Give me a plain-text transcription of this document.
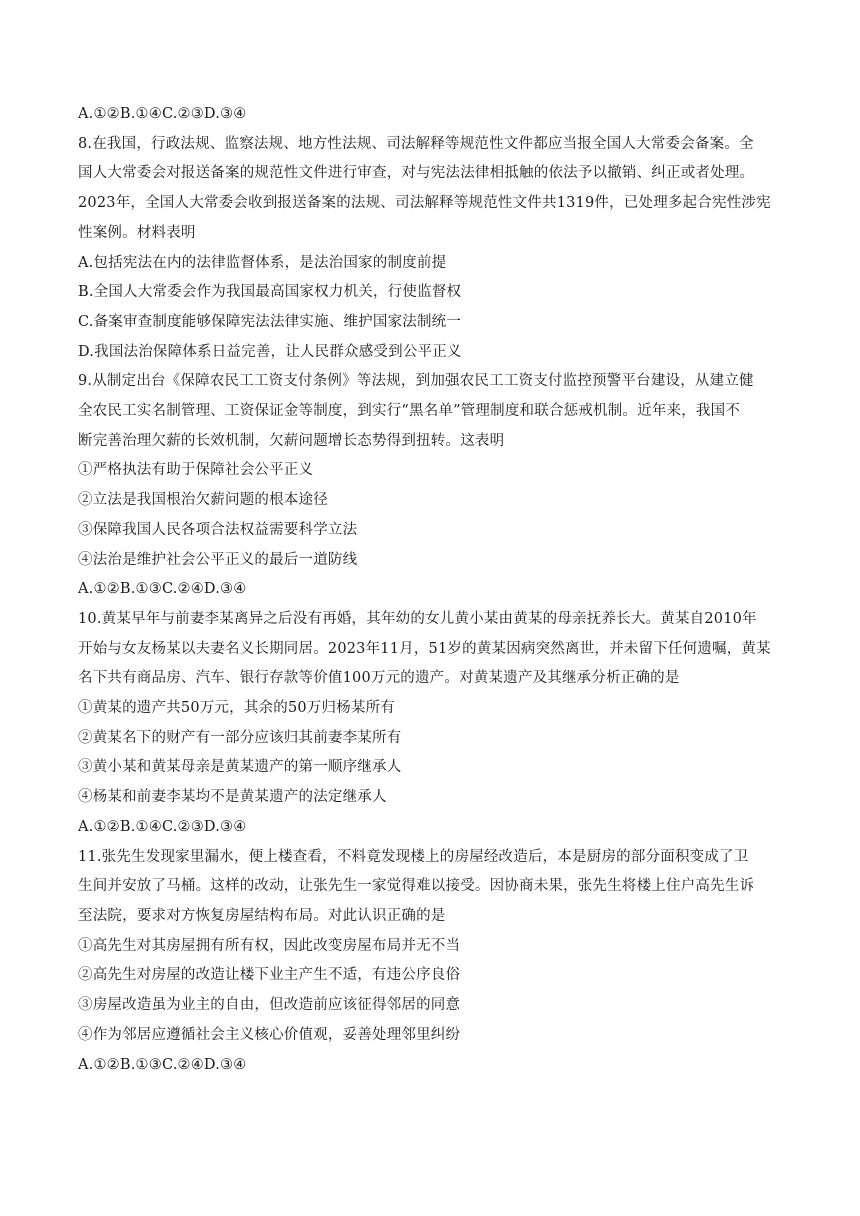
A.①②B.①④C.②③D.③④
8.在我国，行政法规、监察法规、地方性法规、司法解释等规范性文件都应当报全国人大常委会备案。全
国人大常委会对报送备案的规范性文件进行审查，对与宪法法律相抵触的依法予以撤销、纠正或者处理。
2023年，全国人大常委会收到报送备案的法规、司法解释等规范性文件共1319件，已处理多起合宪性涉宪
性案例。材料表明
A.包括宪法在内的法律监督体系，是法治国家的制度前提
B.全国人大常委会作为我国最高国家权力机关，行使监督权
C.备案审查制度能够保障宪法法律实施、维护国家法制统一
D.我国法治保障体系日益完善，让人民群众感受到公平正义
9.从制定出台《保障农民工工资支付条例》等法规，到加强农民工工资支付监控预警平台建设，从建立健
全农民工实名制管理、工资保证金等制度，到实行“黑名单”管理制度和联合惩戒机制。近年来，我国不
断完善治理欠薪的长效机制，欠薪问题增长态势得到扭转。这表明
①严格执法有助于保障社会公平正义
②立法是我国根治欠薪问题的根本途径
③保障我国人民各项合法权益需要科学立法
④法治是维护社会公平正义的最后一道防线
A.①②B.①③C.②④D.③④
10.黄某早年与前妻李某离异之后没有再婚，其年幼的女儿黄小某由黄某的母亲抚养长大。黄某自2010年
开始与女友杨某以夫妻名义长期同居。2023年11月，51岁的黄某因病突然离世，并未留下任何遗嘱，黄某
名下共有商品房、汽车、银行存款等价值100万元的遗产。对黄某遗产及其继承分析正确的是
①黄某的遗产共50万元，其余的50万归杨某所有
②黄某名下的财产有一部分应该归其前妻李某所有
③黄小某和黄某母亲是黄某遗产的第一顺序继承人
④杨某和前妻李某均不是黄某遗产的法定继承人
A.①②B.①④C.②③D.③④
11.张先生发现家里漏水，便上楼查看，不料竟发现楼上的房屋经改造后，本是厨房的部分面积变成了卫
生间并安放了马桶。这样的改动，让张先生一家觉得难以接受。因协商未果，张先生将楼上住户高先生诉
至法院，要求对方恢复房屋结构布局。对此认识正确的是
①高先生对其房屋拥有所有权，因此改变房屋布局并无不当
②高先生对房屋的改造让楼下业主产生不适，有违公序良俗
③房屋改造虽为业主的自由，但改造前应该征得邻居的同意
④作为邻居应遵循社会主义核心价值观，妥善处理邻里纠纷
A.①②B.①③C.②④D.③④
